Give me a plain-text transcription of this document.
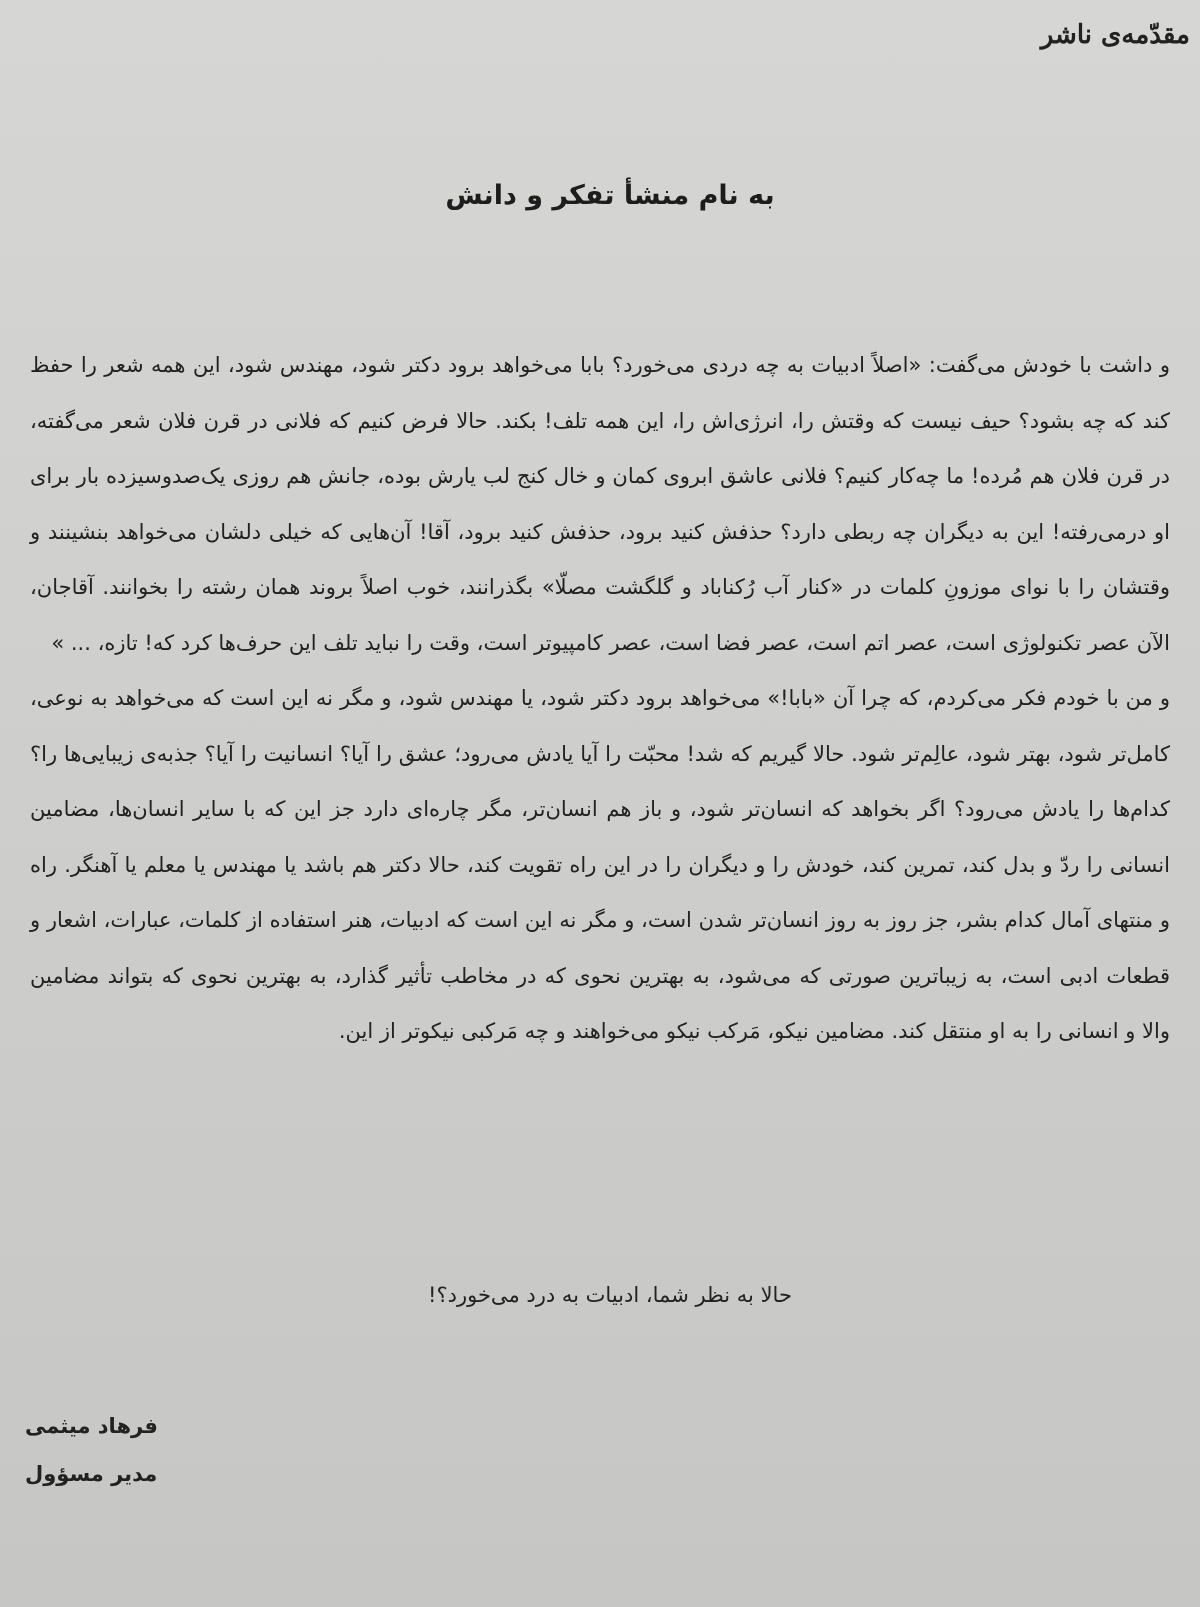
مقدّمه‌ی ناشر
به نام منشأ تفکر و دانش

و داشت با خودش می‌گفت: «اصلاً ادبیات به چه دردی می‌خورد؟ بابا می‌خواهد برود دکتر شود، مهندس شود، این همه شعر را حفظ کند که چه بشود؟ حیف نیست که وقتش را، انرژی‌اش را، این همه تلف! بکند. حالا فرض کنیم که فلانی در قرن فلان شعر می‌گفته، در قرن فلان هم مُرده! ما چه‌کار کنیم؟ فلانی عاشق ابروی کمان و خال کنج لب یارش بوده، جانش هم روزی یک‌صدوسیزده بار برای او درمی‌رفته! این به دیگران چه ربطی دارد؟ حذفش کنید برود، حذفش کنید برود، آقا! آن‌هایی که خیلی دلشان می‌خواهد بنشینند و وقتشان را با نوای موزونِ کلمات در «کنار آب رُکناباد و گلگشت مصلّا» بگذرانند، خوب اصلاً بروند همان رشته را بخوانند. آقاجان، الآن عصر تکنولوژی است، عصر اتم است، عصر فضا است، عصر کامپیوتر است، وقت را نباید تلف این حرف‌ها کرد که! تازه، ... »

و من با خودم فکر می‌کردم، که چرا آن «بابا!» می‌خواهد برود دکتر شود، یا مهندس شود، و مگر نه این است که می‌خواهد به نوعی، کامل‌تر شود، بهتر شود، عالِم‌تر شود. حالا گیریم که شد! محبّت را آیا یادش می‌رود؛ عشق را آیا؟ انسانیت را آیا؟ جذبه‌ی زیبایی‌ها را؟ کدام‌ها را یادش می‌رود؟ اگر بخواهد که انسان‌تر شود، و باز هم انسان‌تر، مگر چاره‌ای دارد جز این که با سایر انسان‌ها، مضامین انسانی را ردّ و بدل کند، تمرین کند، خودش را و دیگران را در این راه تقویت کند، حالا دکتر هم باشد یا مهندس یا معلم یا آهنگر. راه و منتهای آمال کدام بشر، جز روز به روز انسان‌تر شدن است، و مگر نه این است که ادبیات، هنر استفاده از کلمات، عبارات، اشعار و قطعات ادبی است، به زیباترین صورتی که می‌شود، به بهترین نحوی که در مخاطب تأثیر گذارد، به بهترین نحوی که بتواند مضامین والا و انسانی را به او منتقل کند. مضامین نیکو، مَرکب نیکو می‌خواهند و چه مَرکبی نیکوتر از این.

حالا به نظر شما، ادبیات به درد می‌خورد؟!
فرهاد میثمی
مدیر مسؤول
